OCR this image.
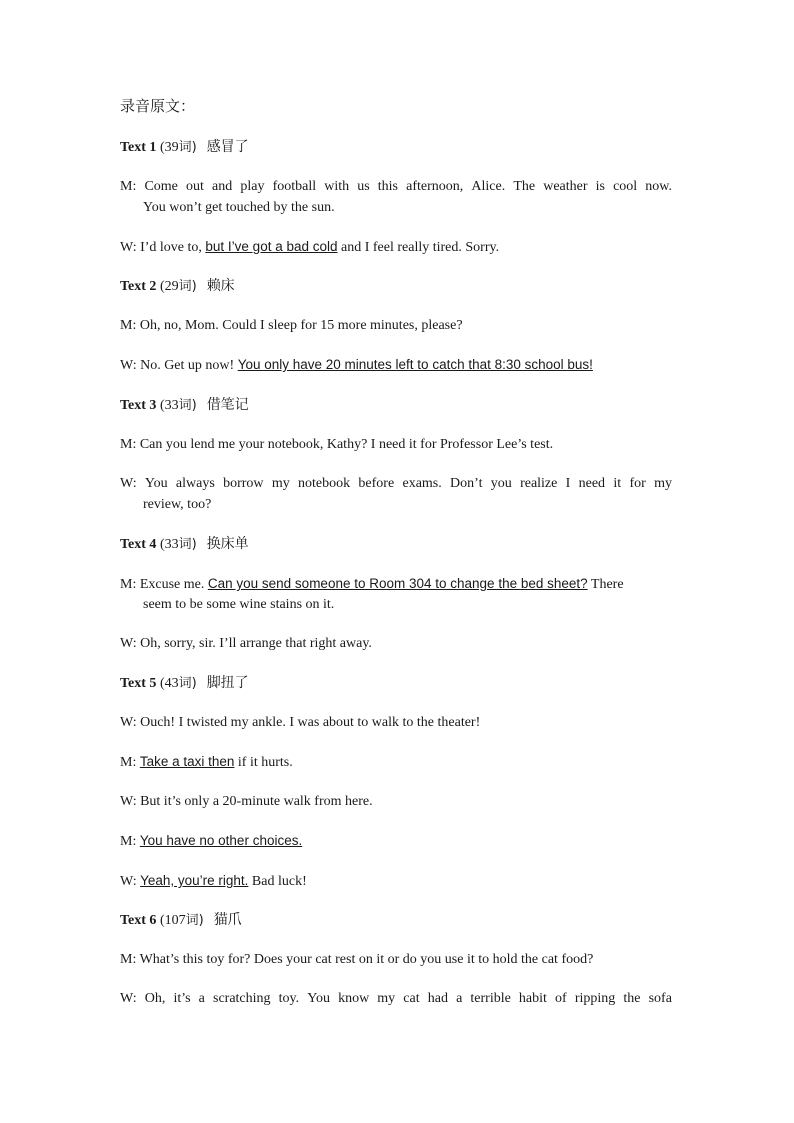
录音原文：
Text 1 (39词) 感冒了
M: Come out and play football with us this afternoon, Alice. The weather is cool now.
You won’t get touched by the sun.
W: I’d love to, but I’ve got a bad cold and I feel really tired. Sorry.
Text 2 (29词) 赖床
M: Oh, no, Mom. Could I sleep for 15 more minutes, please?
W: No. Get up now! You only have 20 minutes left to catch that 8:30 school bus!
Text 3 (33词) 借笔记
M: Can you lend me your notebook, Kathy? I need it for Professor Lee’s test.
W: You always borrow my notebook before exams. Don’t you realize I need it for my
review, too?
Text 4 (33词) 换床单
M: Excuse me. Can you send someone to Room 304 to change the bed sheet? There
seem to be some wine stains on it.
W: Oh, sorry, sir. I’ll arrange that right away.
Text 5 (43词) 脚扭了
W: Ouch! I twisted my ankle. I was about to walk to the theater!
M: Take a taxi then if it hurts.
W: But it’s only a 20-minute walk from here.
M: You have no other choices.
W: Yeah, you’re right. Bad luck!
Text 6 (107词) 猫爪
M: What’s this toy for? Does your cat rest on it or do you use it to hold the cat food?
W: Oh, it’s a scratching toy. You know my cat had a terrible habit of ripping the sofa
